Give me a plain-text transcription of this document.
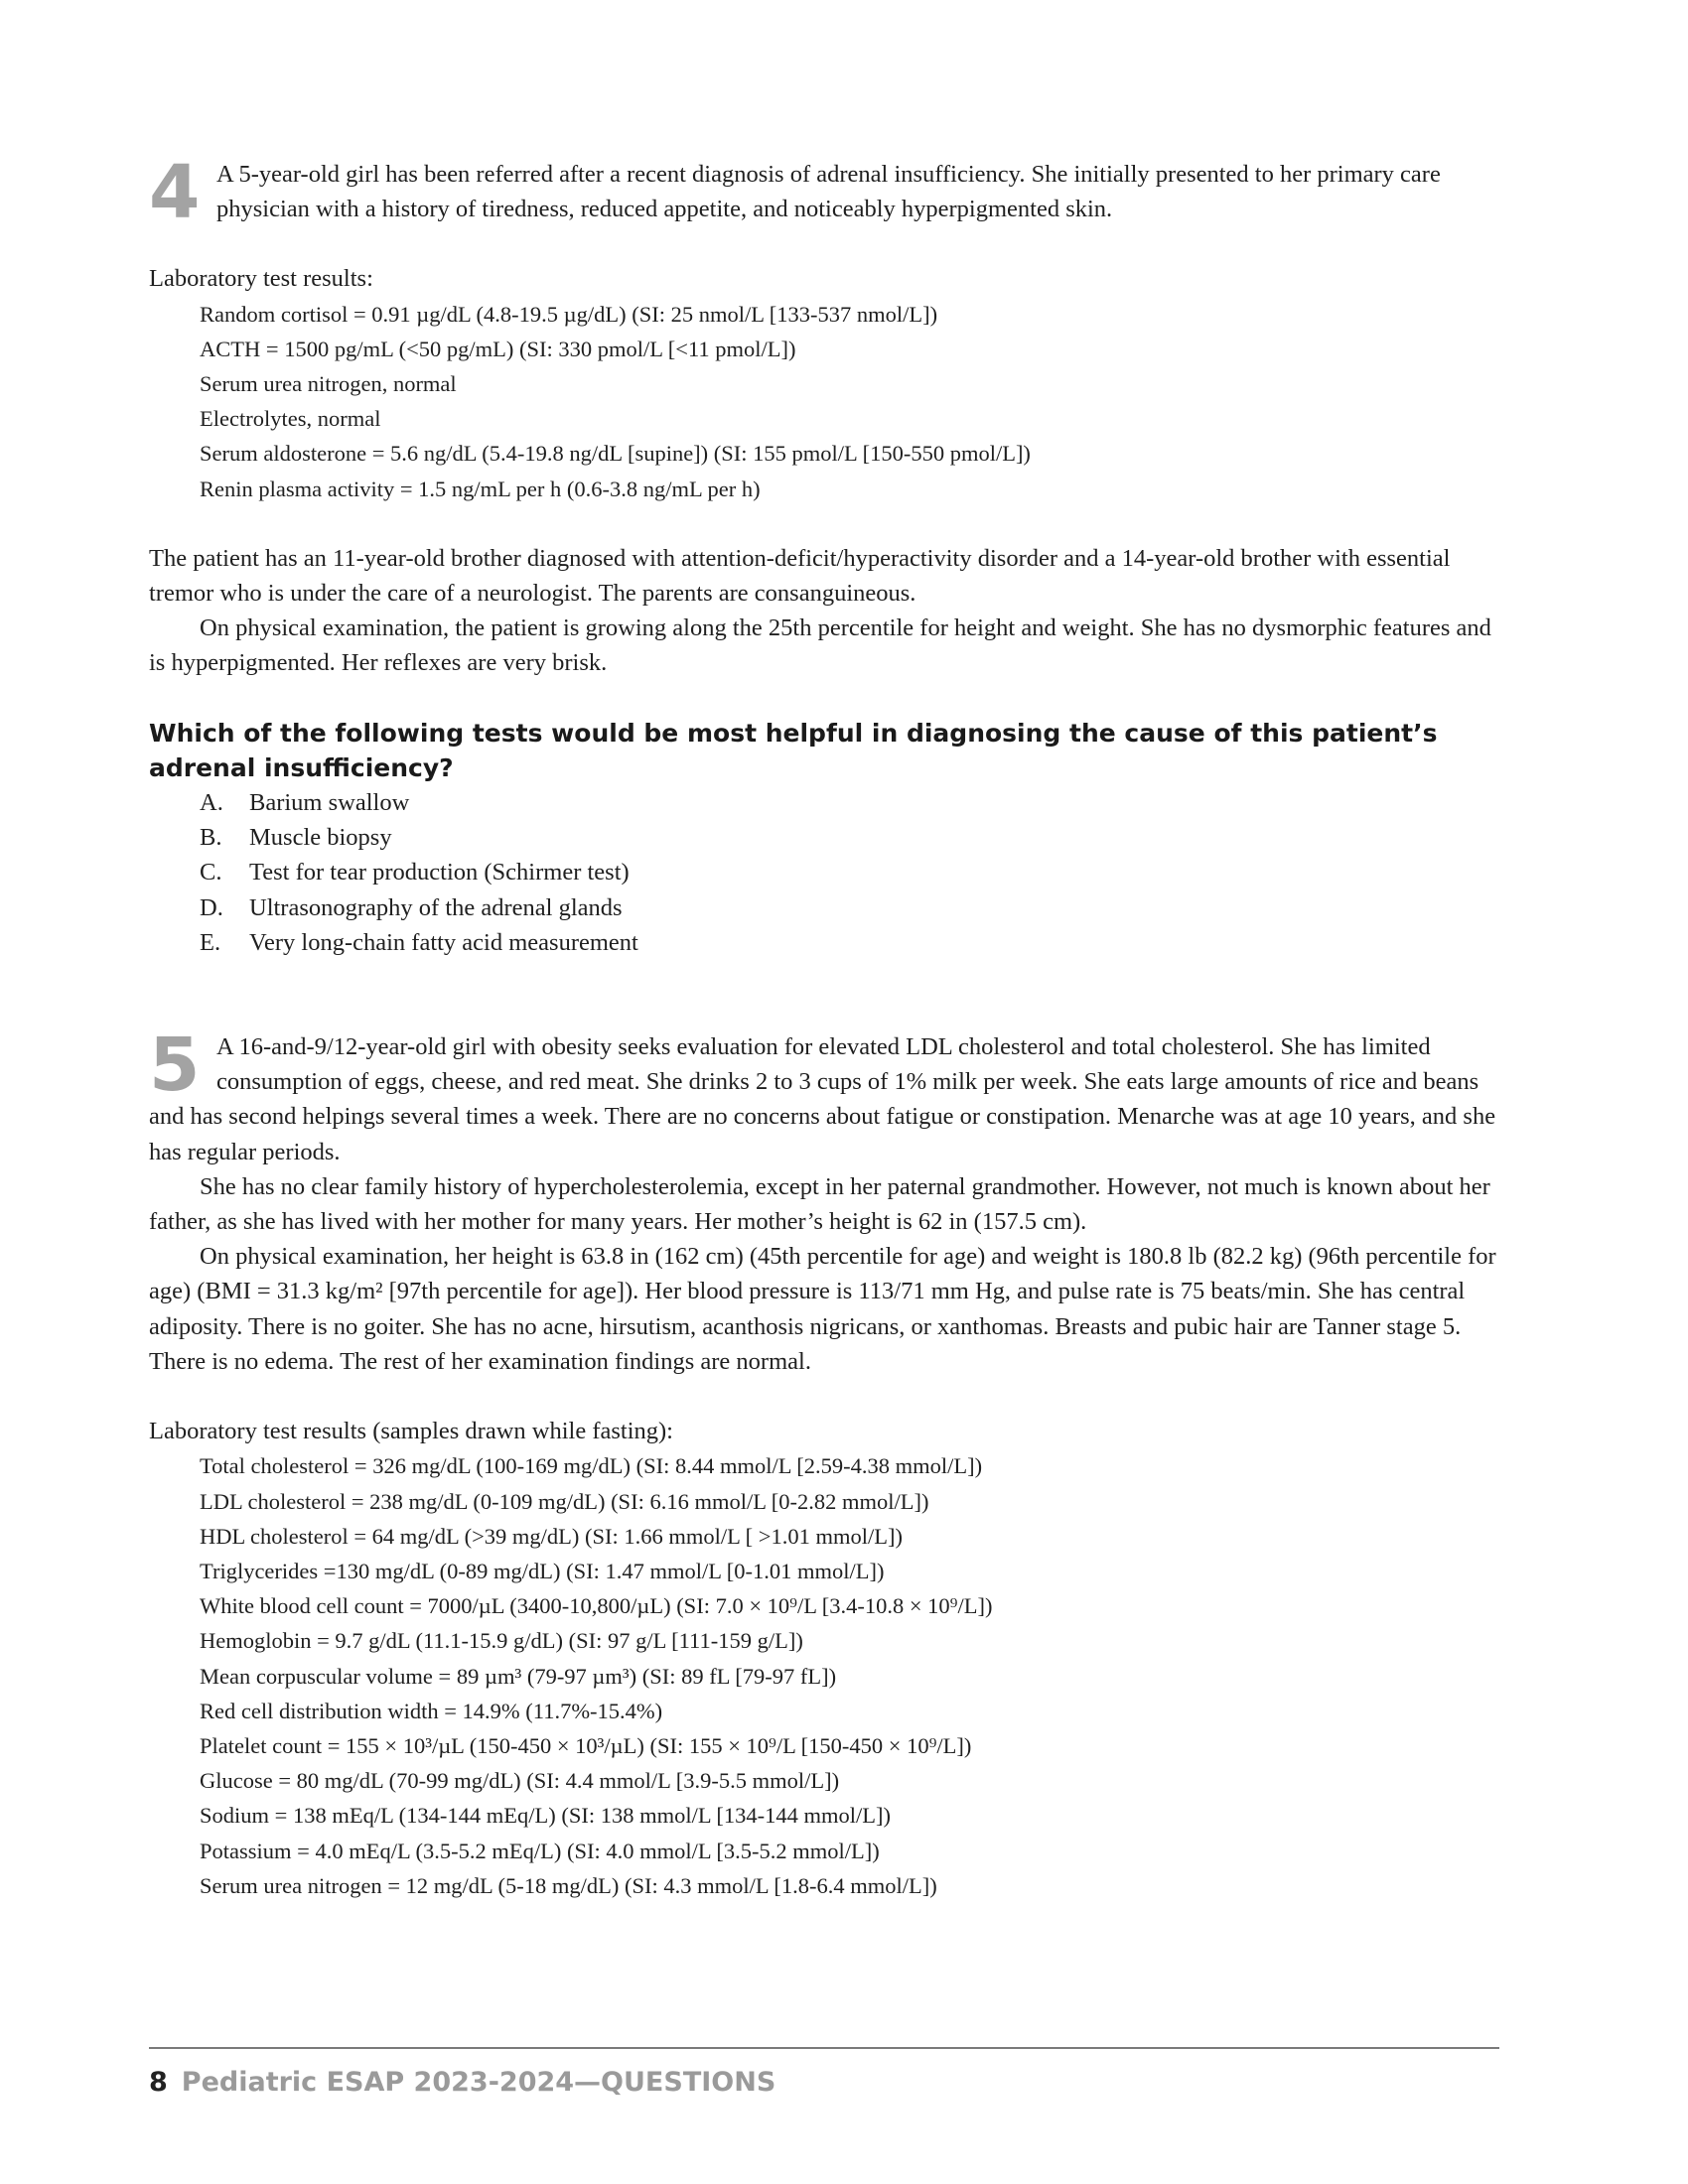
4 A 5-year-old girl has been referred after a recent diagnosis of adrenal insufficiency. She initially presented to her primary care physician with a history of tiredness, reduced appetite, and noticeably hyperpigmented skin.

Laboratory test results:

Random cortisol = 0.91 µg/dL (4.8-19.5 µg/dL) (SI: 25 nmol/L [133-537 nmol/L])
ACTH = 1500 pg/mL (<50 pg/mL) (SI: 330 pmol/L [<11 pmol/L])
Serum urea nitrogen, normal
Electrolytes, normal
Serum aldosterone = 5.6 ng/dL (5.4-19.8 ng/dL [supine]) (SI: 155 pmol/L [150-550 pmol/L])
Renin plasma activity = 1.5 ng/mL per h (0.6-3.8 ng/mL per h)

The patient has an 11-year-old brother diagnosed with attention-deficit/hyperactivity disorder and a 14-year-old brother with essential tremor who is under the care of a neurologist. The parents are consanguineous.

On physical examination, the patient is growing along the 25th percentile for height and weight. She has no dysmorphic features and is hyperpigmented. Her reflexes are very brisk.

Which of the following tests would be most helpful in diagnosing the cause of this patient’s adrenal insufficiency?

A. Barium swallow
B. Muscle biopsy
C. Test for tear production (Schirmer test)
D. Ultrasonography of the adrenal glands
E. Very long-chain fatty acid measurement
5 A 16-and-9/12-year-old girl with obesity seeks evaluation for elevated LDL cholesterol and total cholesterol. She has limited consumption of eggs, cheese, and red meat. She drinks 2 to 3 cups of 1% milk per week. She eats large amounts of rice and beans and has second helpings several times a week. There are no concerns about fatigue or constipation. Menarche was at age 10 years, and she has regular periods.

She has no clear family history of hypercholesterolemia, except in her paternal grandmother. However, not much is known about her father, as she has lived with her mother for many years. Her mother’s height is 62 in (157.5 cm).

On physical examination, her height is 63.8 in (162 cm) (45th percentile for age) and weight is 180.8 lb (82.2 kg) (96th percentile for age) (BMI = 31.3 kg/m² [97th percentile for age]). Her blood pressure is 113/71 mm Hg, and pulse rate is 75 beats/min. She has central adiposity. There is no goiter. She has no acne, hirsutism, acanthosis nigricans, or xanthomas. Breasts and pubic hair are Tanner stage 5. There is no edema. The rest of her examination findings are normal.

Laboratory test results (samples drawn while fasting):

Total cholesterol = 326 mg/dL (100-169 mg/dL) (SI: 8.44 mmol/L [2.59-4.38 mmol/L])
LDL cholesterol = 238 mg/dL (0-109 mg/dL) (SI: 6.16 mmol/L [0-2.82 mmol/L])
HDL cholesterol = 64 mg/dL (>39 mg/dL) (SI: 1.66 mmol/L [ >1.01 mmol/L])
Triglycerides =130 mg/dL (0-89 mg/dL) (SI: 1.47 mmol/L [0-1.01 mmol/L])
White blood cell count = 7000/µL (3400-10,800/µL) (SI: 7.0 × 10⁹/L [3.4-10.8 × 10⁹/L])
Hemoglobin = 9.7 g/dL (11.1-15.9 g/dL) (SI: 97 g/L [111-159 g/L])
Mean corpuscular volume = 89 µm³ (79-97 µm³) (SI: 89 fL [79-97 fL])
Red cell distribution width = 14.9% (11.7%-15.4%)
Platelet count = 155 × 10³/µL (150-450 × 10³/µL) (SI: 155 × 10⁹/L [150-450 × 10⁹/L])
Glucose = 80 mg/dL (70-99 mg/dL) (SI: 4.4 mmol/L [3.9-5.5 mmol/L])
Sodium = 138 mEq/L (134-144 mEq/L) (SI: 138 mmol/L [134-144 mmol/L])
Potassium = 4.0 mEq/L (3.5-5.2 mEq/L) (SI: 4.0 mmol/L [3.5-5.2 mmol/L])
Serum urea nitrogen = 12 mg/dL (5-18 mg/dL) (SI: 4.3 mmol/L [1.8-6.4 mmol/L])
8 Pediatric ESAP 2023-2024—QUESTIONS
